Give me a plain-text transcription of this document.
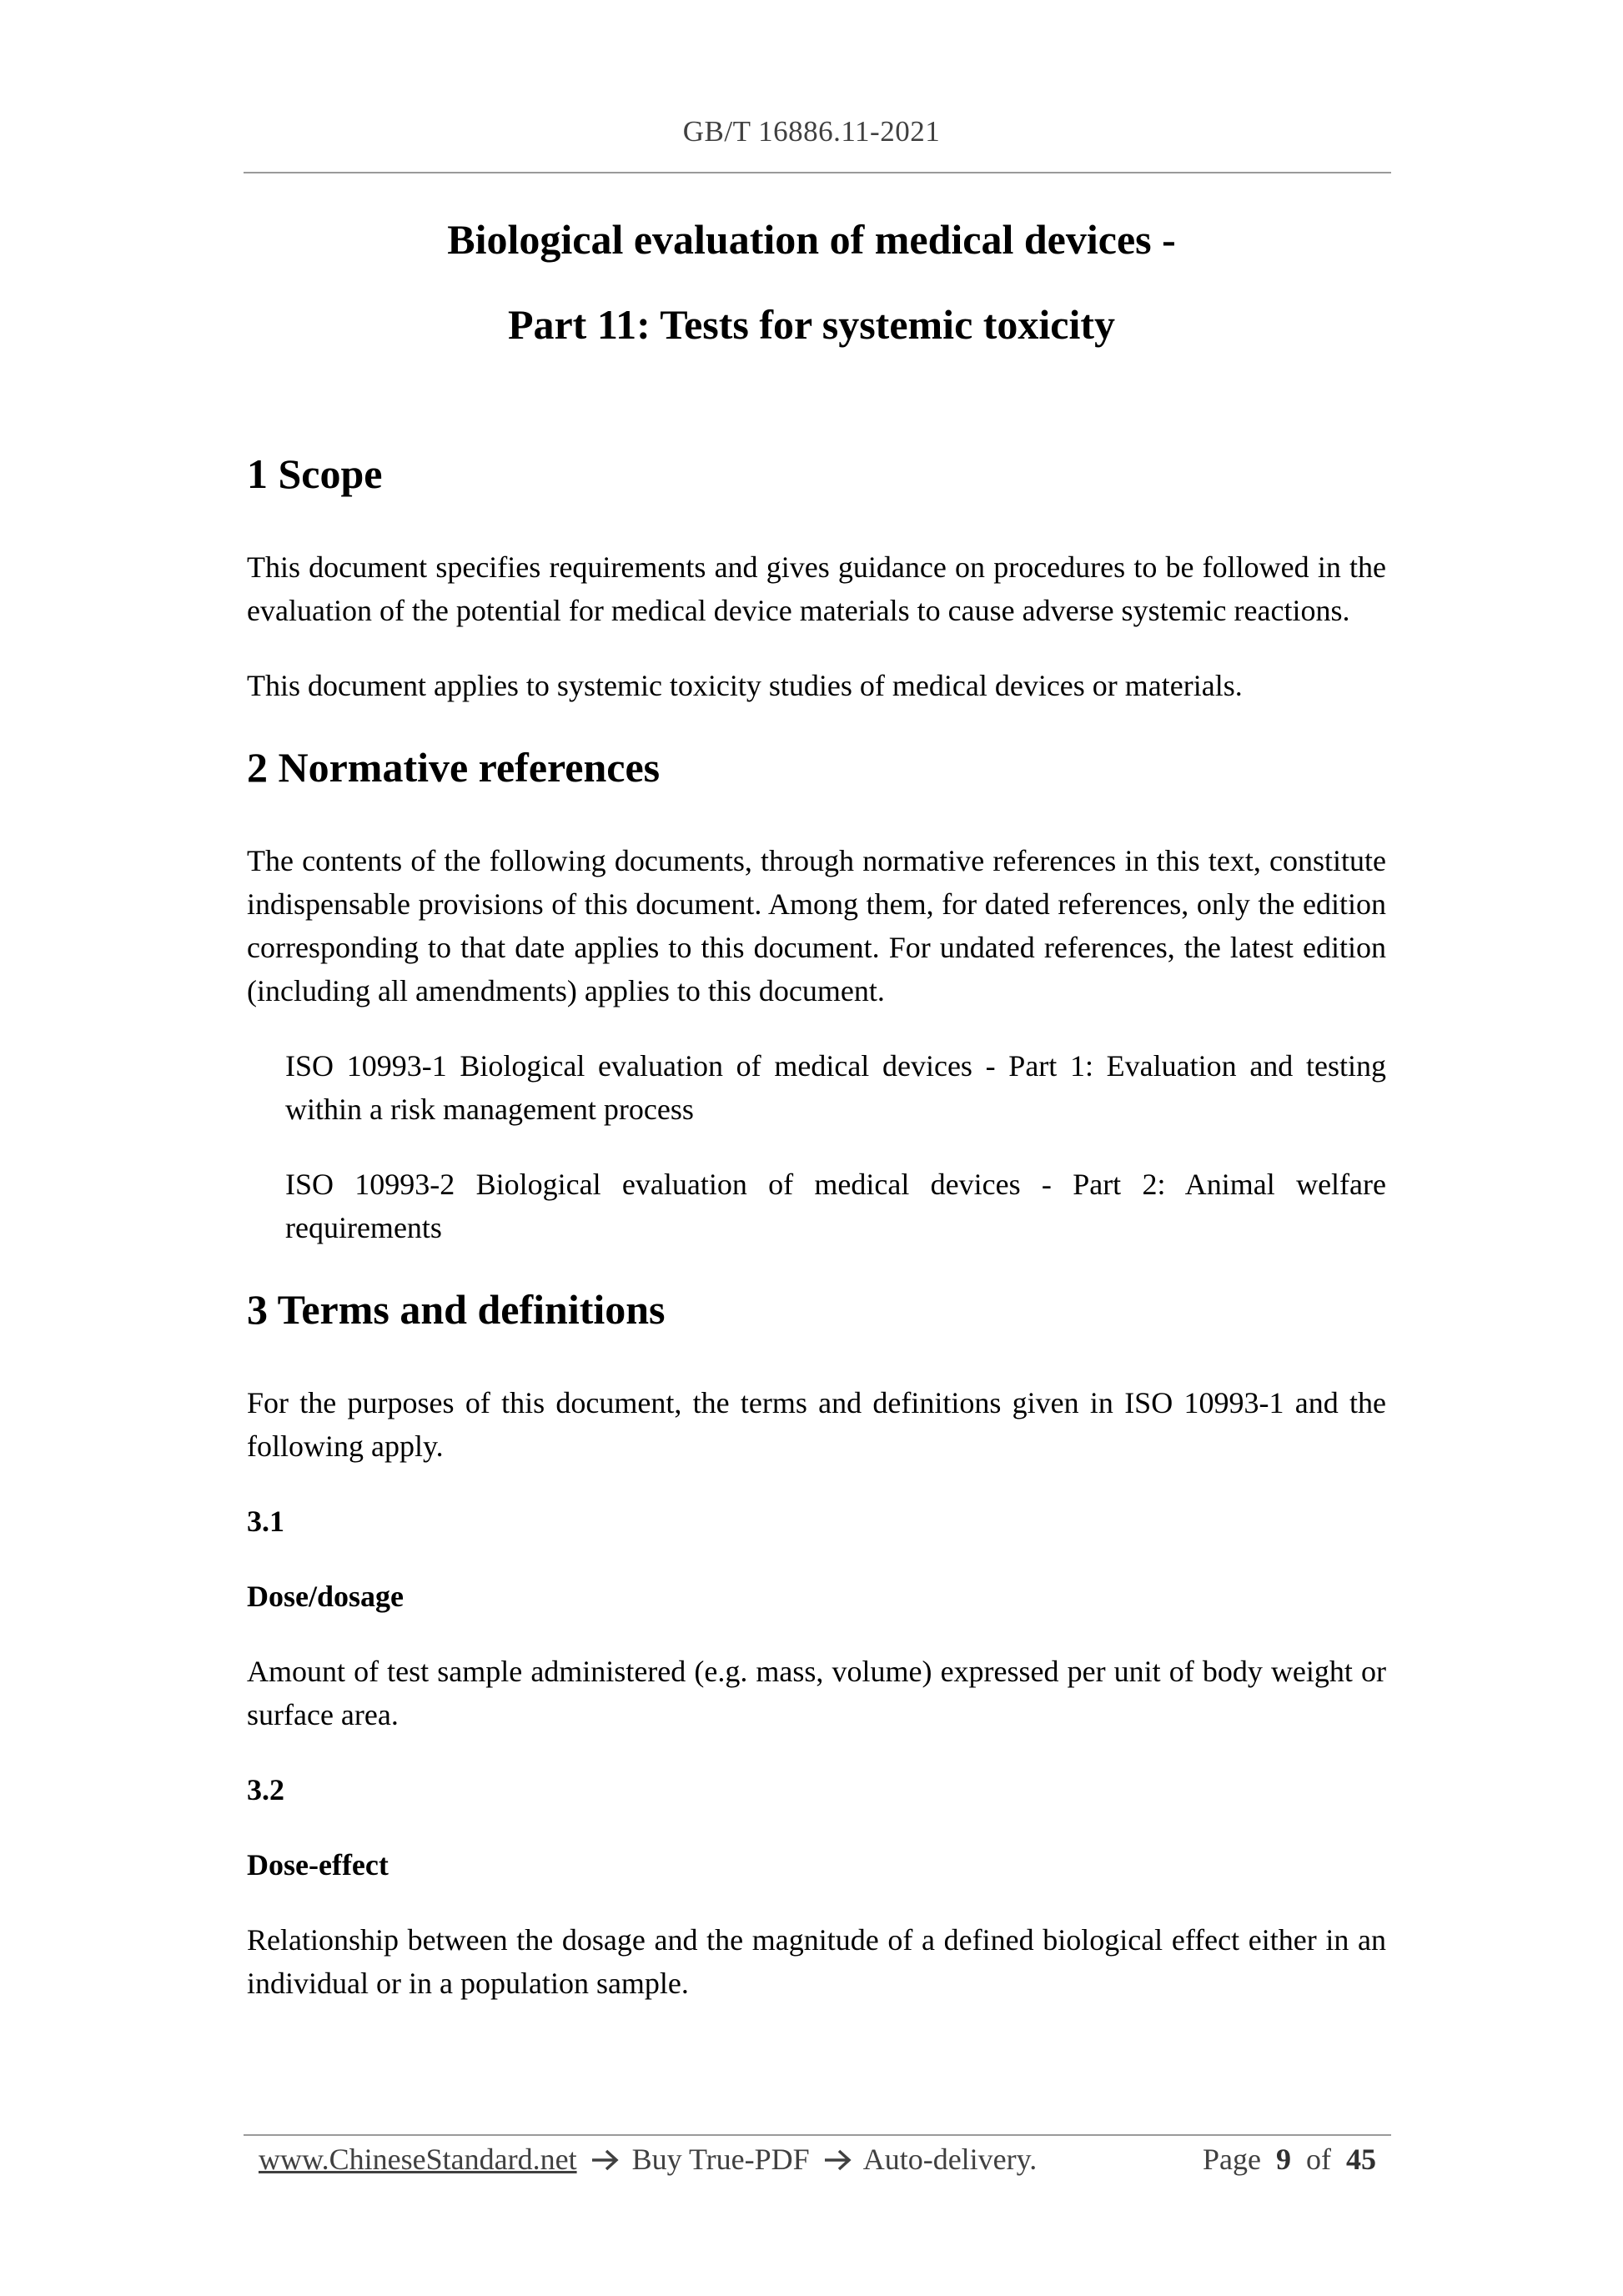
GB/T 16886.11-2021
Biological evaluation of medical devices -
Part 11: Tests for systemic toxicity
1 Scope

This document specifies requirements and gives guidance on procedures to be followed in the evaluation of the potential for medical device materials to cause adverse systemic reactions.

This document applies to systemic toxicity studies of medical devices or materials.

2 Normative references

The contents of the following documents, through normative references in this text, constitute indispensable provisions of this document. Among them, for dated references, only the edition corresponding to that date applies to this document. For undated references, the latest edition (including all amendments) applies to this document.

ISO 10993-1 Biological evaluation of medical devices - Part 1: Evaluation and testing within a risk management process

ISO 10993-2 Biological evaluation of medical devices - Part 2: Animal welfare requirements

3 Terms and definitions

For the purposes of this document, the terms and definitions given in ISO 10993-1 and the following apply.

3.1

Dose/dosage

Amount of test sample administered (e.g. mass, volume) expressed per unit of body weight or surface area.

3.2

Dose-effect

Relationship between the dosage and the magnitude of a defined biological effect either in an individual or in a population sample.

www.ChineseStandard.net Buy True-PDF Auto-delivery.	Page 9 of 45
